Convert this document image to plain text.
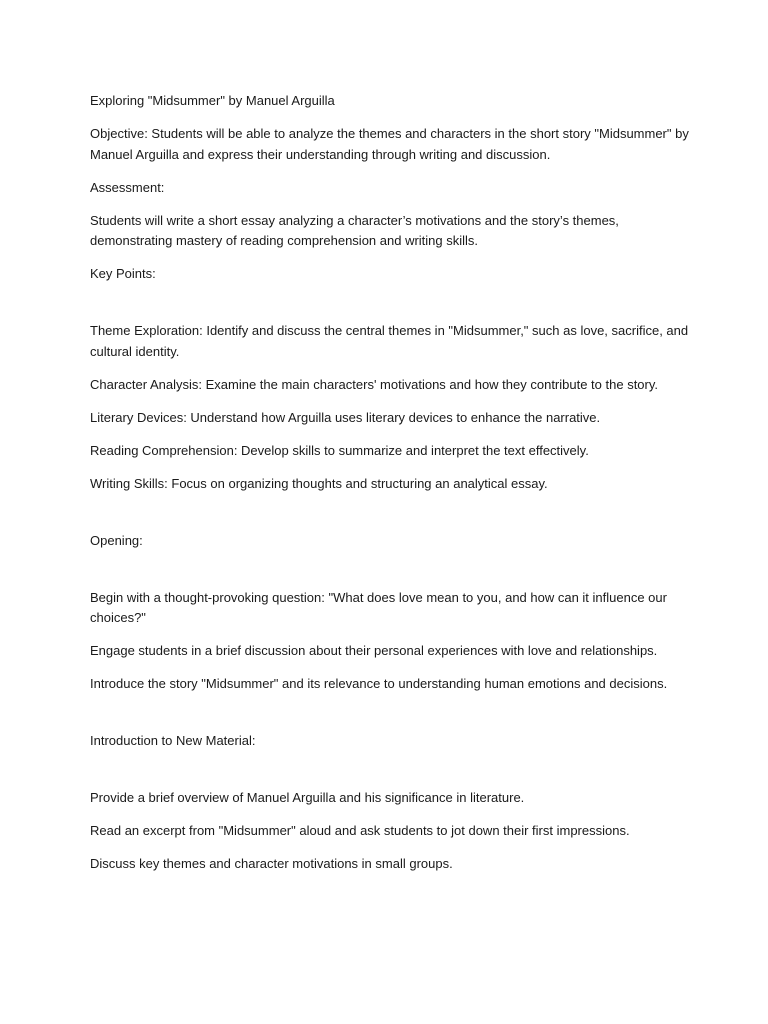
Exploring "Midsummer" by Manuel Arguilla

Objective: Students will be able to analyze the themes and characters in the short story "Midsummer" by Manuel Arguilla and express their understanding through writing and discussion.

Assessment:

Students will write a short essay analyzing a character’s motivations and the story’s themes, demonstrating mastery of reading comprehension and writing skills.

Key Points:

Theme Exploration: Identify and discuss the central themes in "Midsummer," such as love, sacrifice, and cultural identity.

Character Analysis: Examine the main characters' motivations and how they contribute to the story.

Literary Devices: Understand how Arguilla uses literary devices to enhance the narrative.

Reading Comprehension: Develop skills to summarize and interpret the text effectively.

Writing Skills: Focus on organizing thoughts and structuring an analytical essay.

Opening:

Begin with a thought-provoking question: "What does love mean to you, and how can it influence our choices?"

Engage students in a brief discussion about their personal experiences with love and relationships.

Introduce the story "Midsummer" and its relevance to understanding human emotions and decisions.

Introduction to New Material:

Provide a brief overview of Manuel Arguilla and his significance in literature.

Read an excerpt from "Midsummer" aloud and ask students to jot down their first impressions.

Discuss key themes and character motivations in small groups.
